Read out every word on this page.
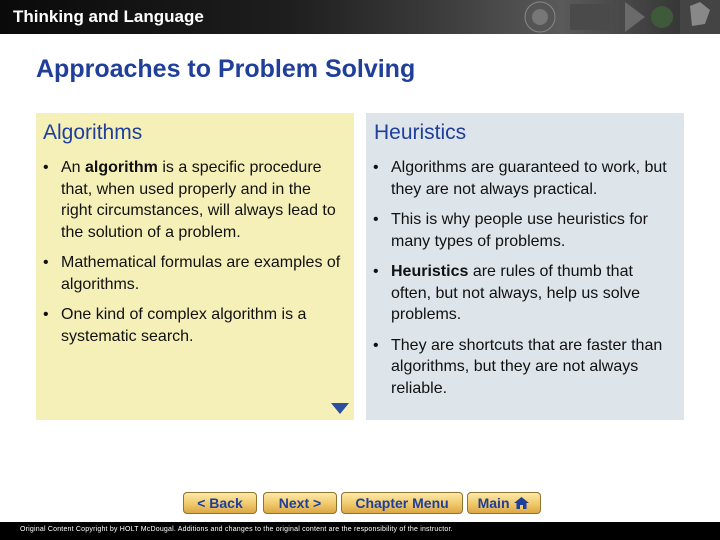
Thinking and Language
Approaches to Problem Solving
Algorithms
• An algorithm is a specific procedure that, when used properly and in the right circumstances, will always lead to the solution of a problem.
• Mathematical formulas are examples of algorithms.
• One kind of complex algorithm is a systematic search.
Heuristics
• Algorithms are guaranteed to work, but they are not always practical.
• This is why people use heuristics for many types of problems.
• Heuristics are rules of thumb that often, but not always, help us solve problems.
• They are shortcuts that are faster than algorithms, but they are not always reliable.
< Back	Next >	Chapter Menu	Main
Original Content Copyright by HOLT McDougal. Additions and changes to the original content are the responsibility of the instructor.
